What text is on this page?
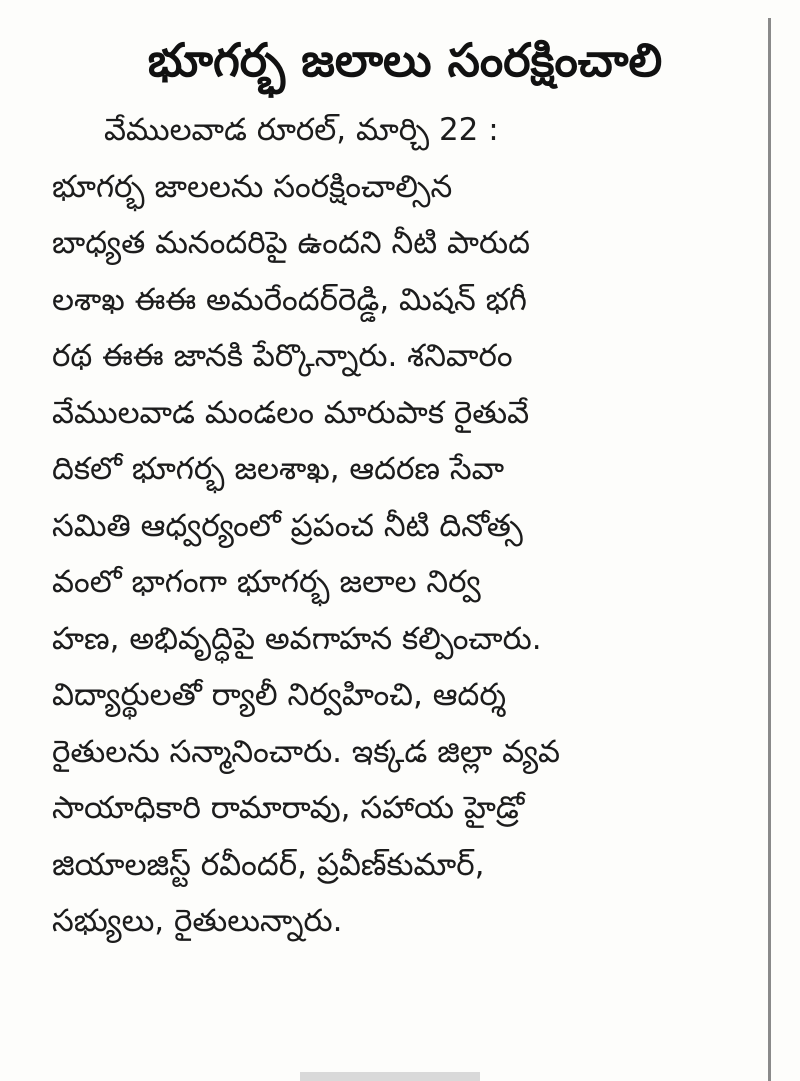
భూగర్భ జలాలు సంరక్షించాలి
వేములవాడ రూరల్, మార్చి 22 :
భూగర్భ జాలలను సంరక్షించాల్సిన
బాధ్యత మనందరిపై ఉందని నీటి పారుద
లశాఖ ఈఈ అమరేందర్‌రెడ్డి, మిషన్ భగీ
రథ ఈఈ జానకి పేర్కొన్నారు. శనివారం
వేములవాడ మండలం మారుపాక రైతువే
దికలో భూగర్భ జలశాఖ, ఆదరణ సేవా
సమితి ఆధ్వర్యంలో ప్రపంచ నీటి దినోత్స
వంలో భాగంగా భూగర్భ జలాల నిర్వ
హణ, అభివృద్ధిపై అవగాహన కల్పించారు.
విద్యార్థులతో ర్యాలీ నిర్వహించి, ఆదర్శ
రైతులను సన్మానించారు. ఇక్కడ జిల్లా వ్యవ
సాయాధికారి రామారావు, సహాయ హైడ్రో
జియాలజిస్ట్ రవీందర్, ప్రవీణ్‌కుమార్,
సభ్యులు, రైతులున్నారు.
